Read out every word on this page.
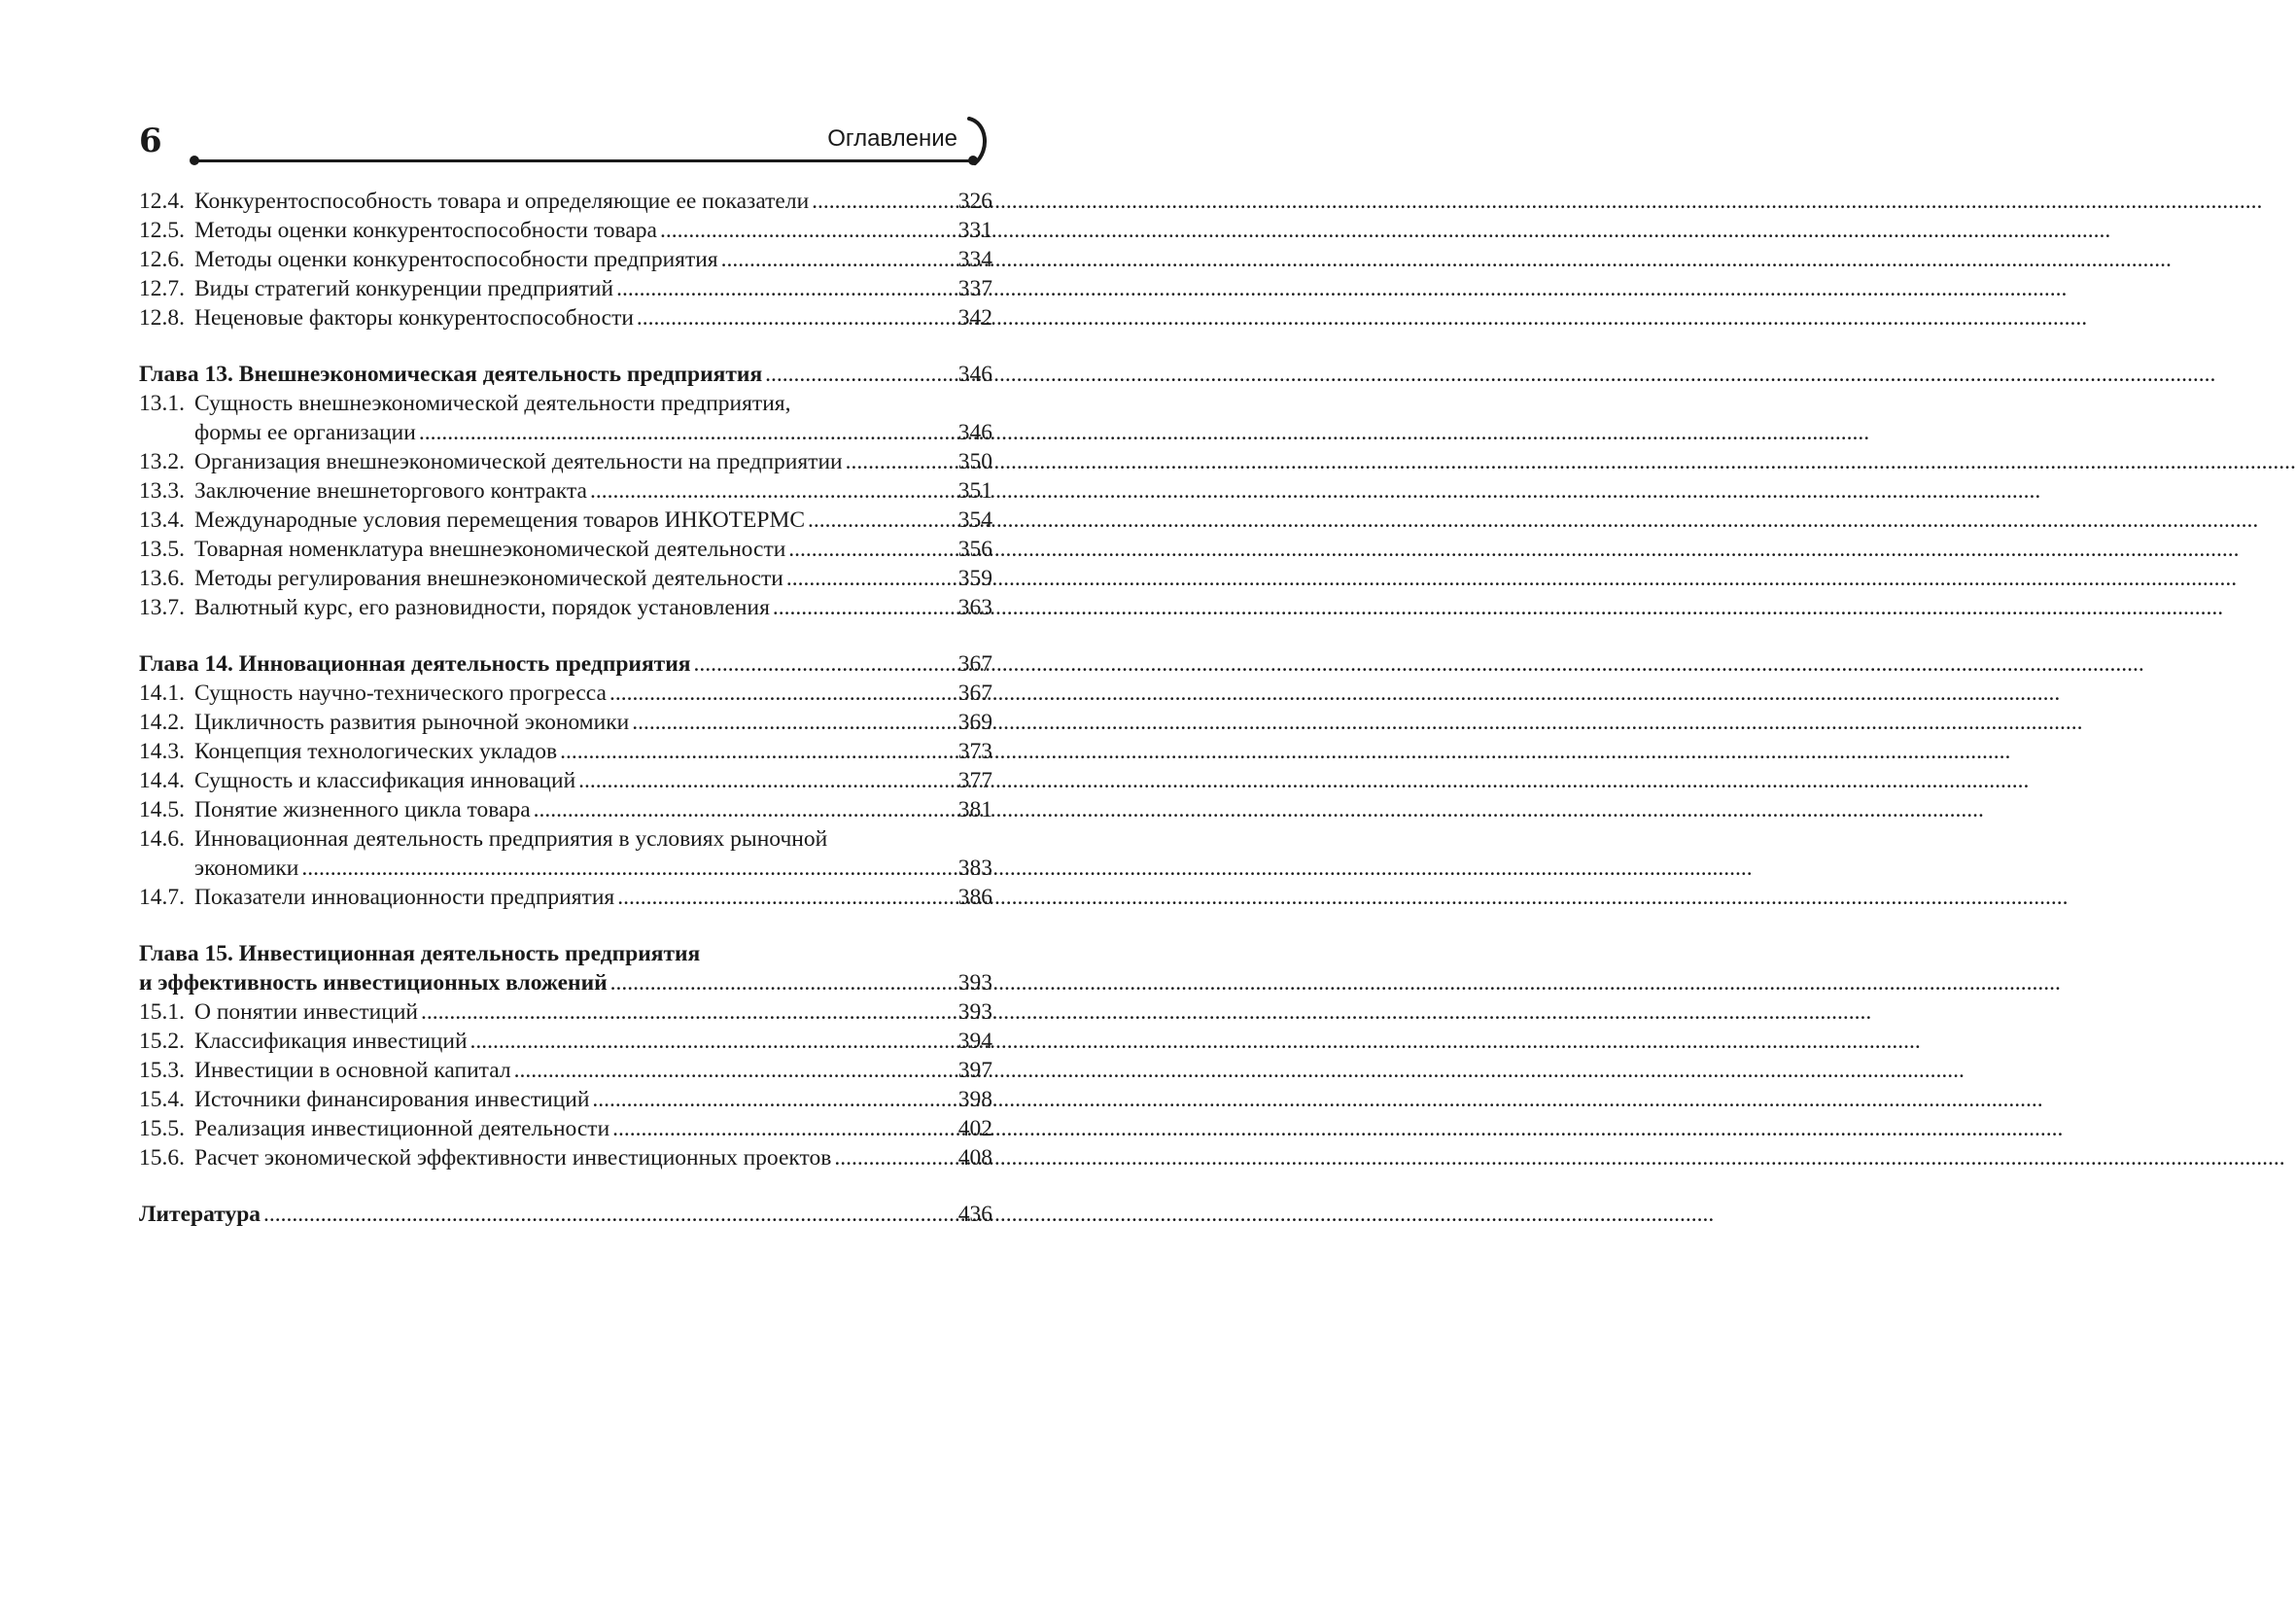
6	Оглавление
12.4. Конкурентоспособность товара и определяющие ее показатели .....	326
12.5. Методы оценки конкурентоспособности товара .....	331
12.6. Методы оценки конкурентоспособности предприятия .....	334
12.7. Виды стратегий конкуренции предприятий .....	337
12.8. Неценовые факторы конкурентоспособности .....	342
Глава 13. Внешнеэкономическая деятельность предприятия .....	346
13.1. Сущность внешнеэкономической деятельности предприятия,
формы ее организации .....	346
13.2. Организация внешнеэкономической деятельности на предприятии .....	350
13.3. Заключение внешнеторгового контракта .....	351
13.4. Международные условия перемещения товаров ИНКОТЕРМС .....	354
13.5. Товарная номенклатура внешнеэкономической деятельности .....	356
13.6. Методы регулирования внешнеэкономической деятельности .....	359
13.7. Валютный курс, его разновидности, порядок установления .....	363
Глава 14. Инновационная деятельность предприятия .....	367
14.1. Сущность научно-технического прогресса .....	367
14.2. Цикличность развития рыночной экономики .....	369
14.3. Концепция технологических укладов .....	373
14.4. Сущность и классификация инноваций .....	377
14.5. Понятие жизненного цикла товара .....	381
14.6. Инновационная деятельность предприятия в условиях рыночной
экономики .....	383
14.7. Показатели инновационности предприятия .....	386
Глава 15. Инвестиционная деятельность предприятия
и эффективность инвестиционных вложений .....	393
15.1. О понятии инвестиций .....	393
15.2. Классификация инвестиций .....	394
15.3. Инвестиции в основной капитал .....	397
15.4. Источники финансирования инвестиций .....	398
15.5. Реализация инвестиционной деятельности .....	402
15.6. Расчет экономической эффективности инвестиционных проектов .....	408
Литература .....	436
